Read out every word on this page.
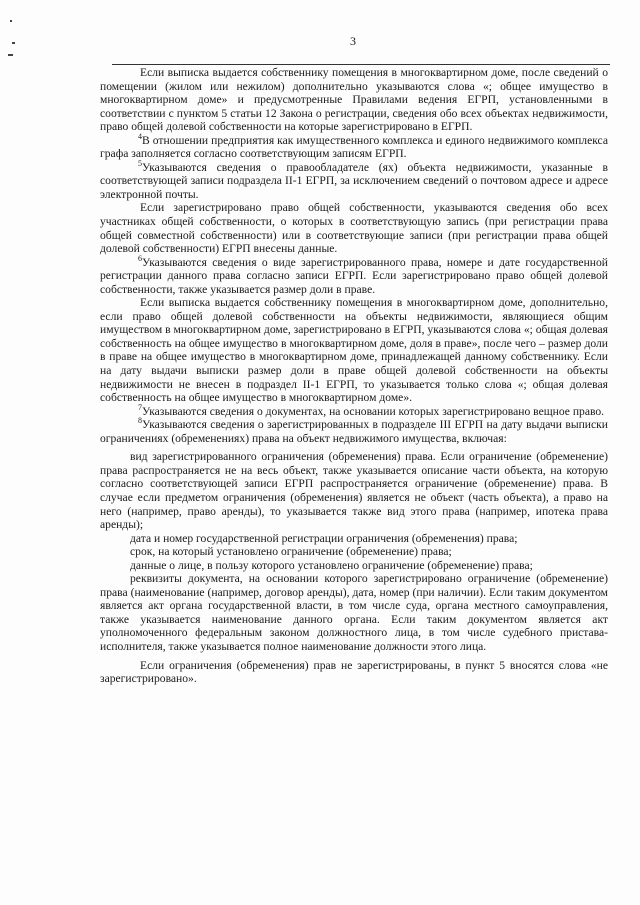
3

Если выписка выдается собственнику помещения в многоквартирном доме, после сведений о помещении (жилом или нежилом) дополнительно указываются слова «; общее имущество в многоквартирном доме» и предусмотренные Правилами ведения ЕГРП, установленными в соответствии с пунктом 5 статьи 12 Закона о регистрации, сведения обо всех объектах недвижимости, право общей долевой собственности на которые зарегистрировано в ЕГРП.

$^4$В отношении предприятия как имущественного комплекса и единого недвижимого комплекса графа заполняется согласно соответствующим записям ЕГРП.

$^5$Указываются сведения о правообладателе (ях) объекта недвижимости, указанные в соответствующей записи подраздела II-1 ЕГРП, за исключением сведений о почтовом адресе и адресе электронной почты.

Если зарегистрировано право общей собственности, указываются сведения обо всех участниках общей собственности, о которых в соответствующую запись (при регистрации права общей совместной собственности) или в соответствующие записи (при регистрации права общей долевой собственности) ЕГРП внесены данные.

$^6$Указываются сведения о виде зарегистрированного права, номере и дате государственной регистрации данного права согласно записи ЕГРП. Если зарегистрировано право общей долевой собственности, также указывается размер доли в праве.

Если выписка выдается собственнику помещения в многоквартирном доме, дополнительно, если право общей долевой собственности на объекты недвижимости, являющиеся общим имуществом в многоквартирном доме, зарегистрировано в ЕГРП, указываются слова «; общая долевая собственность на общее имущество в многоквартирном доме, доля в праве», после чего – размер доли в праве на общее имущество в многоквартирном доме, принадлежащей данному собственнику. Если на дату выдачи выписки размер доли в праве общей долевой собственности на объекты недвижимости не внесен в подраздел II-1 ЕГРП, то указывается только слова «; общая долевая собственность на общее имущество в многоквартирном доме».

$^7$Указываются сведения о документах, на основании которых зарегистрировано вещное право.

$^8$Указываются сведения о зарегистрированных в подразделе III ЕГРП на дату выдачи выписки ограничениях (обременениях) права на объект недвижимого имущества, включая:

вид зарегистрированного ограничения (обременения) права. Если ограничение (обременение) права распространяется не на весь объект, также указывается описание части объекта, на которую согласно соответствующей записи ЕГРП распространяется ограничение (обременение) права. В случае если предметом ограничения (обременения) является не объект (часть объекта), а право на него (например, право аренды), то указывается также вид этого права (например, ипотека права аренды);

дата и номер государственной регистрации ограничения (обременения) права;

срок, на который установлено ограничение (обременение) права;

данные о лице, в пользу которого установлено ограничение (обременение) права;

реквизиты документа, на основании которого зарегистрировано ограничение (обременение) права (наименование (например, договор аренды), дата, номер (при наличии). Если таким документом является акт органа государственной власти, в том числе суда, органа местного самоуправления, также указывается наименование данного органа. Если таким документом является акт уполномоченного федеральным законом должностного лица, в том числе судебного пристава-исполнителя, также указывается полное наименование должности этого лица.

Если ограничения (обременения) прав не зарегистрированы, в пункт 5 вносятся слова «не зарегистрировано».
